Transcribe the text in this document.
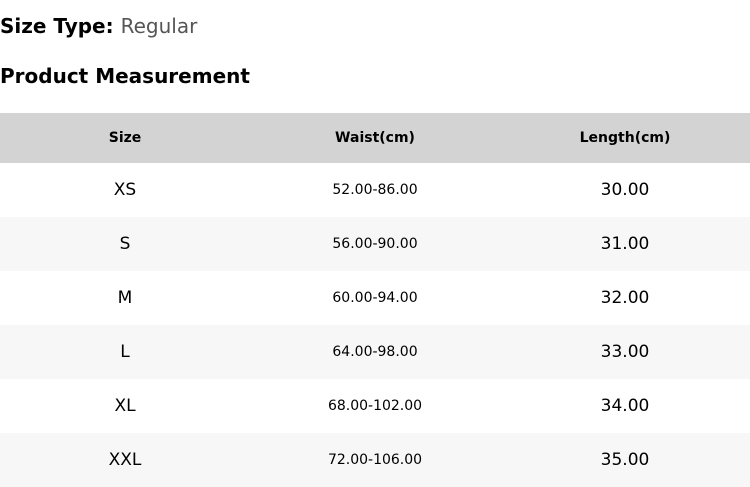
Size Type: Regular
Product Measurement
Size	Waist(cm)	Length(cm)
XS	52.00-86.00	30.00
S	56.00-90.00	31.00
M	60.00-94.00	32.00
L	64.00-98.00	33.00
XL	68.00-102.00	34.00
XXL	72.00-106.00	35.00
